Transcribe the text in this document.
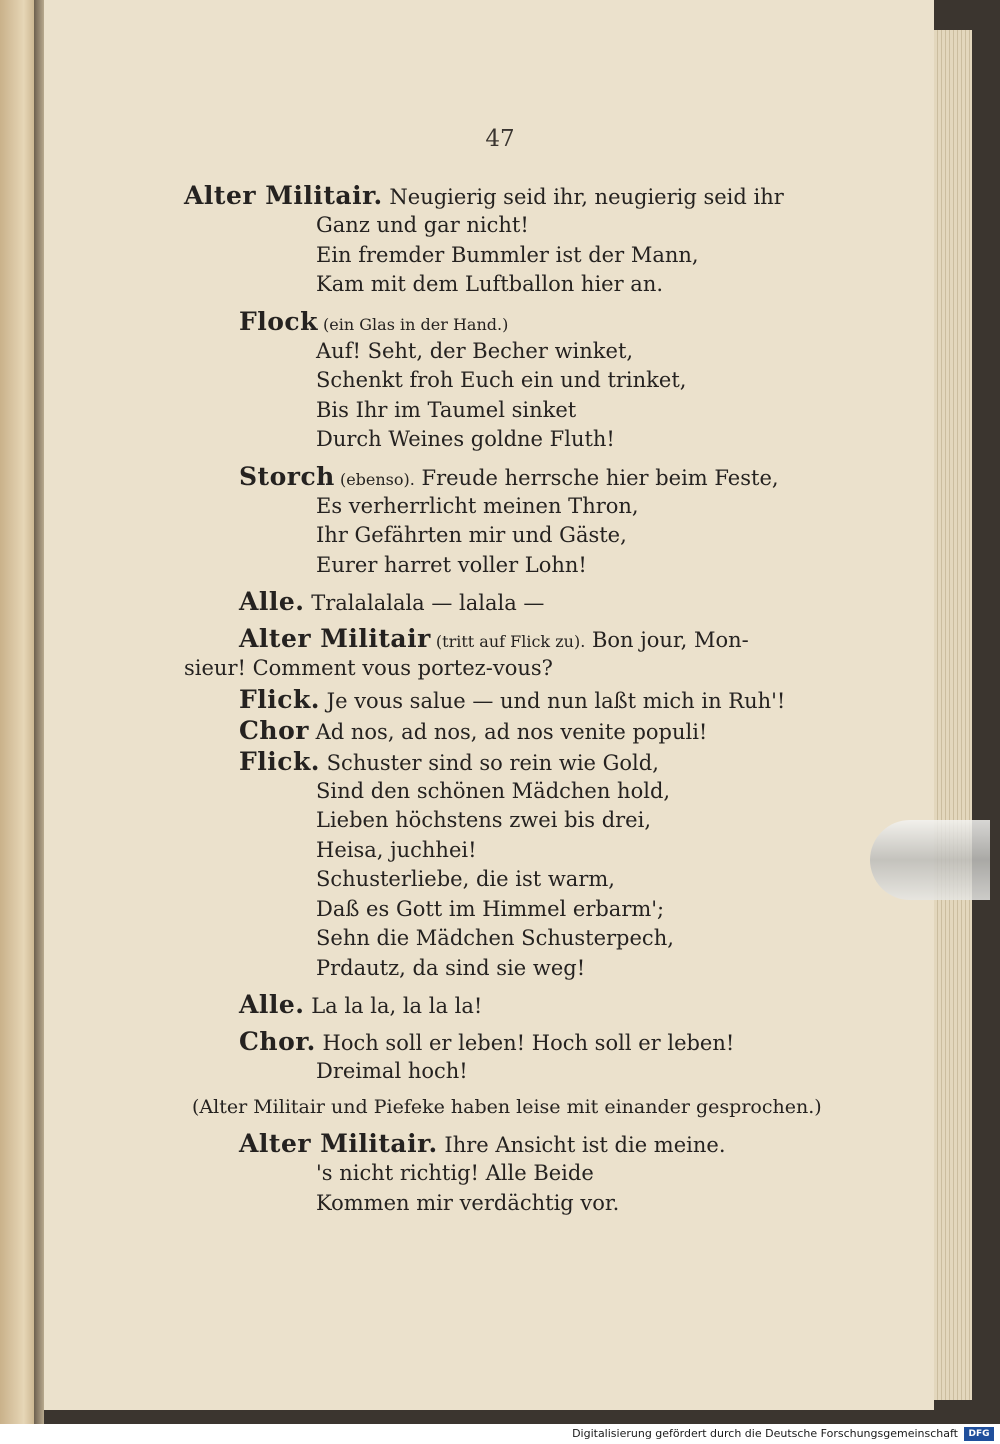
47
Alter Militair. Neugierig seid ihr, neugierig seid ihr
Ganz und gar nicht!
Ein fremder Bummler ist der Mann,
Kam mit dem Luftballon hier an.
Flock (ein Glas in der Hand.)
Auf! Seht, der Becher winket,
Schenkt froh Euch ein und trinket,
Bis Ihr im Taumel sinket
Durch Weines goldne Fluth!
Storch (ebenso). Freude herrsche hier beim Feste,
Es verherrlicht meinen Thron,
Ihr Gefährten mir und Gäste,
Eurer harret voller Lohn!
Alle. Tralalalala — lalala —
Alter Militair (tritt auf Flick zu). Bon jour, Mon-
sieur! Comment vous portez-vous?
Flick. Je vous salue — und nun laßt mich in Ruh'!
Chor Ad nos, ad nos, ad nos venite populi!
Flick. Schuster sind so rein wie Gold,
Sind den schönen Mädchen hold,
Lieben höchstens zwei bis drei,
Heisa, juchhei!
Schusterliebe, die ist warm,
Daß es Gott im Himmel erbarm';
Sehn die Mädchen Schusterpech,
Prdautz, da sind sie weg!
Alle. La la la, la la la!
Chor. Hoch soll er leben! Hoch soll er leben!
Dreimal hoch!
(Alter Militair und Piefeke haben leise mit einander gesprochen.)
Alter Militair. Ihre Ansicht ist die meine.
's nicht richtig! Alle Beide
Kommen mir verdächtig vor.
Digitalisierung gefördert durch die Deutsche Forschungsgemeinschaft	DFG
